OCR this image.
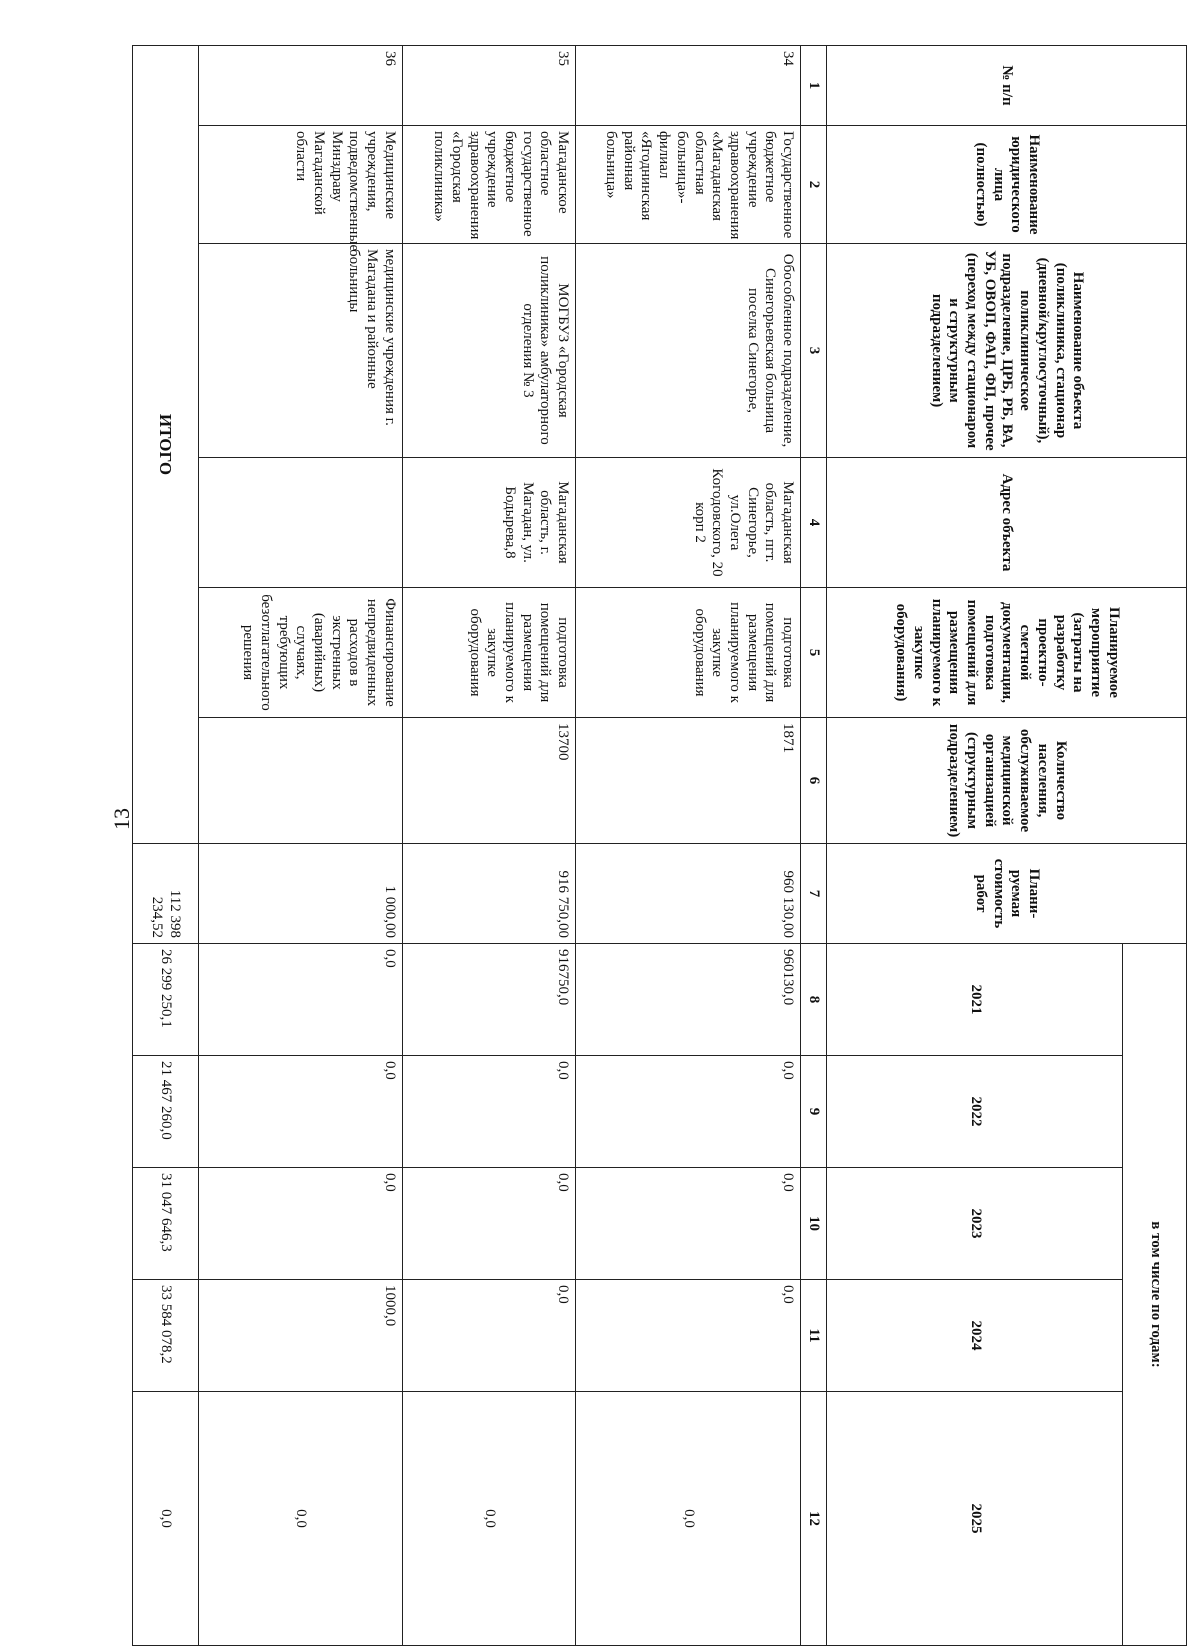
13
№ п/п	Наименование юридического лица (полностью)	Наименование объекта (поликлиника, стационар (дневной/круглосуточный), поликлиническое подразделение, ЦРБ, РБ, ВА, УБ, ОВОП, ФАП, ФП, прочее (переход между стационаром и структурным подразделением)	Адрес объекта	Планируемое мероприятие (затраты на разработку проектно-сметной документации, подготовка помещений для размещения планируемого к закупке оборудования)	Количество населения, обслуживаемое медицинской организацией (структурным подразделением)	Плани-руемая стоимость работ	в том числе по годам:				
							2021	2022	2023	2024	2025
1	2	3	4	5	6	7	8	9	10	11	12
34	Государственное бюджетное учреждение здравоохранения «Магаданская областная больница»- филиал «Ягоднинская районная больница»	Обособленное подразделение, Синегорьевская больница поселка Синегорье,	Магаданская область, пгт. Синегорье, ул.Олега Когодовского, 20 корп 2	подготовка помещений для размещения планируемого к закупке оборудования	1871	960 130,00	960130,0	0,0	0,0	0,0	0,0
35	Магаданское областное государственное бюджетное учреждение здравоохранения «Городская поликлиника»	МОГБУЗ «Городская поликлиника» амбулаторного отделения № 3	Магаданская область, г. Магадан, ул. Бодырева,8	подготовка помещений для размещения планируемого к закупке оборудования	13700	916 750,00	916750,0	0,0	0,0	0,0	0,0
36	Медицинские учреждения, подведомственные Минздраву Магаданской области	медицинские учреждения г. Магадана и районные больницы		Финансирование непредвиденных расходов в экстренных (аварийных) случаях, требующих безотлагательного решения		1 000,00	0,0	0,0	0,0	1000,0	0,0
ИТОГО						112 398 234,52	26 299 250,1	21 467 260,0	31 047 646,3	33 584 078,2	0,0
